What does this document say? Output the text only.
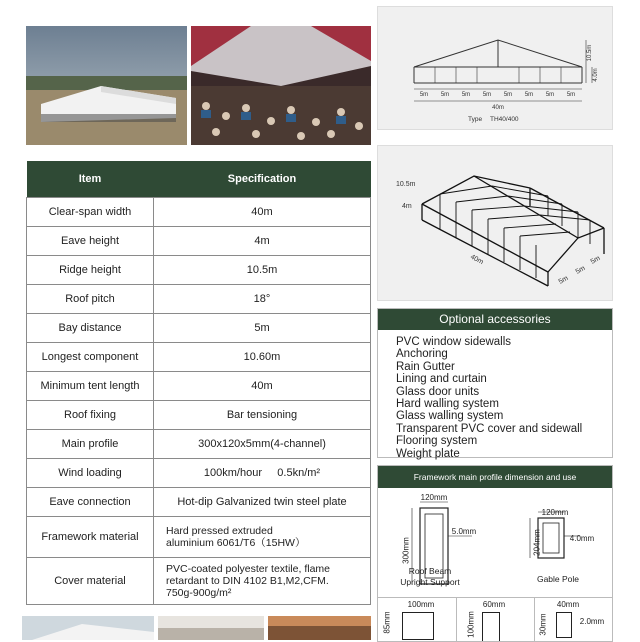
5m 5m 5m 5m 5m 5m 5m 5m
40m
10.5m
4.0m
Type TH40/400
10.5m
4m
40m
5m
5m
5m
Item	Specification
Clear-span width	40m
Eave height	4m
Ridge height	10.5m
Roof pitch	18°
Bay distance	5m
Longest component	10.60m
Minimum tent length	40m
Roof fixing	Bar tensioning
Main profile	300x120x5mm(4-channel)
Wind loading	100km/hour 0.5kn/m²
Eave connection	Hot-dip Galvanized twin steel plate
Framework material	Hard pressed extruded
aluminium 6061/T6（15HW）

Cover material	PVC-coated polyester textile, flame
retardant to DIN 4102 B1,M2,CFM.
750g-900g/m²
Optional accessories
PVC window sidewalls
Anchoring
Rain Gutter
Lining and curtain
Glass door units
Hard walling system
Glass walling system
Transparent PVC cover and sidewall
Flooring system
Weight plate
Framework main profile dimension and use
120mm
300mm
5.0mm
Roof Beam
Upright Support
120mm
204mm	4.0mm
Gable Pole
100mm
85mm
60mm
100mm
40mm
30mm	2.0mm
